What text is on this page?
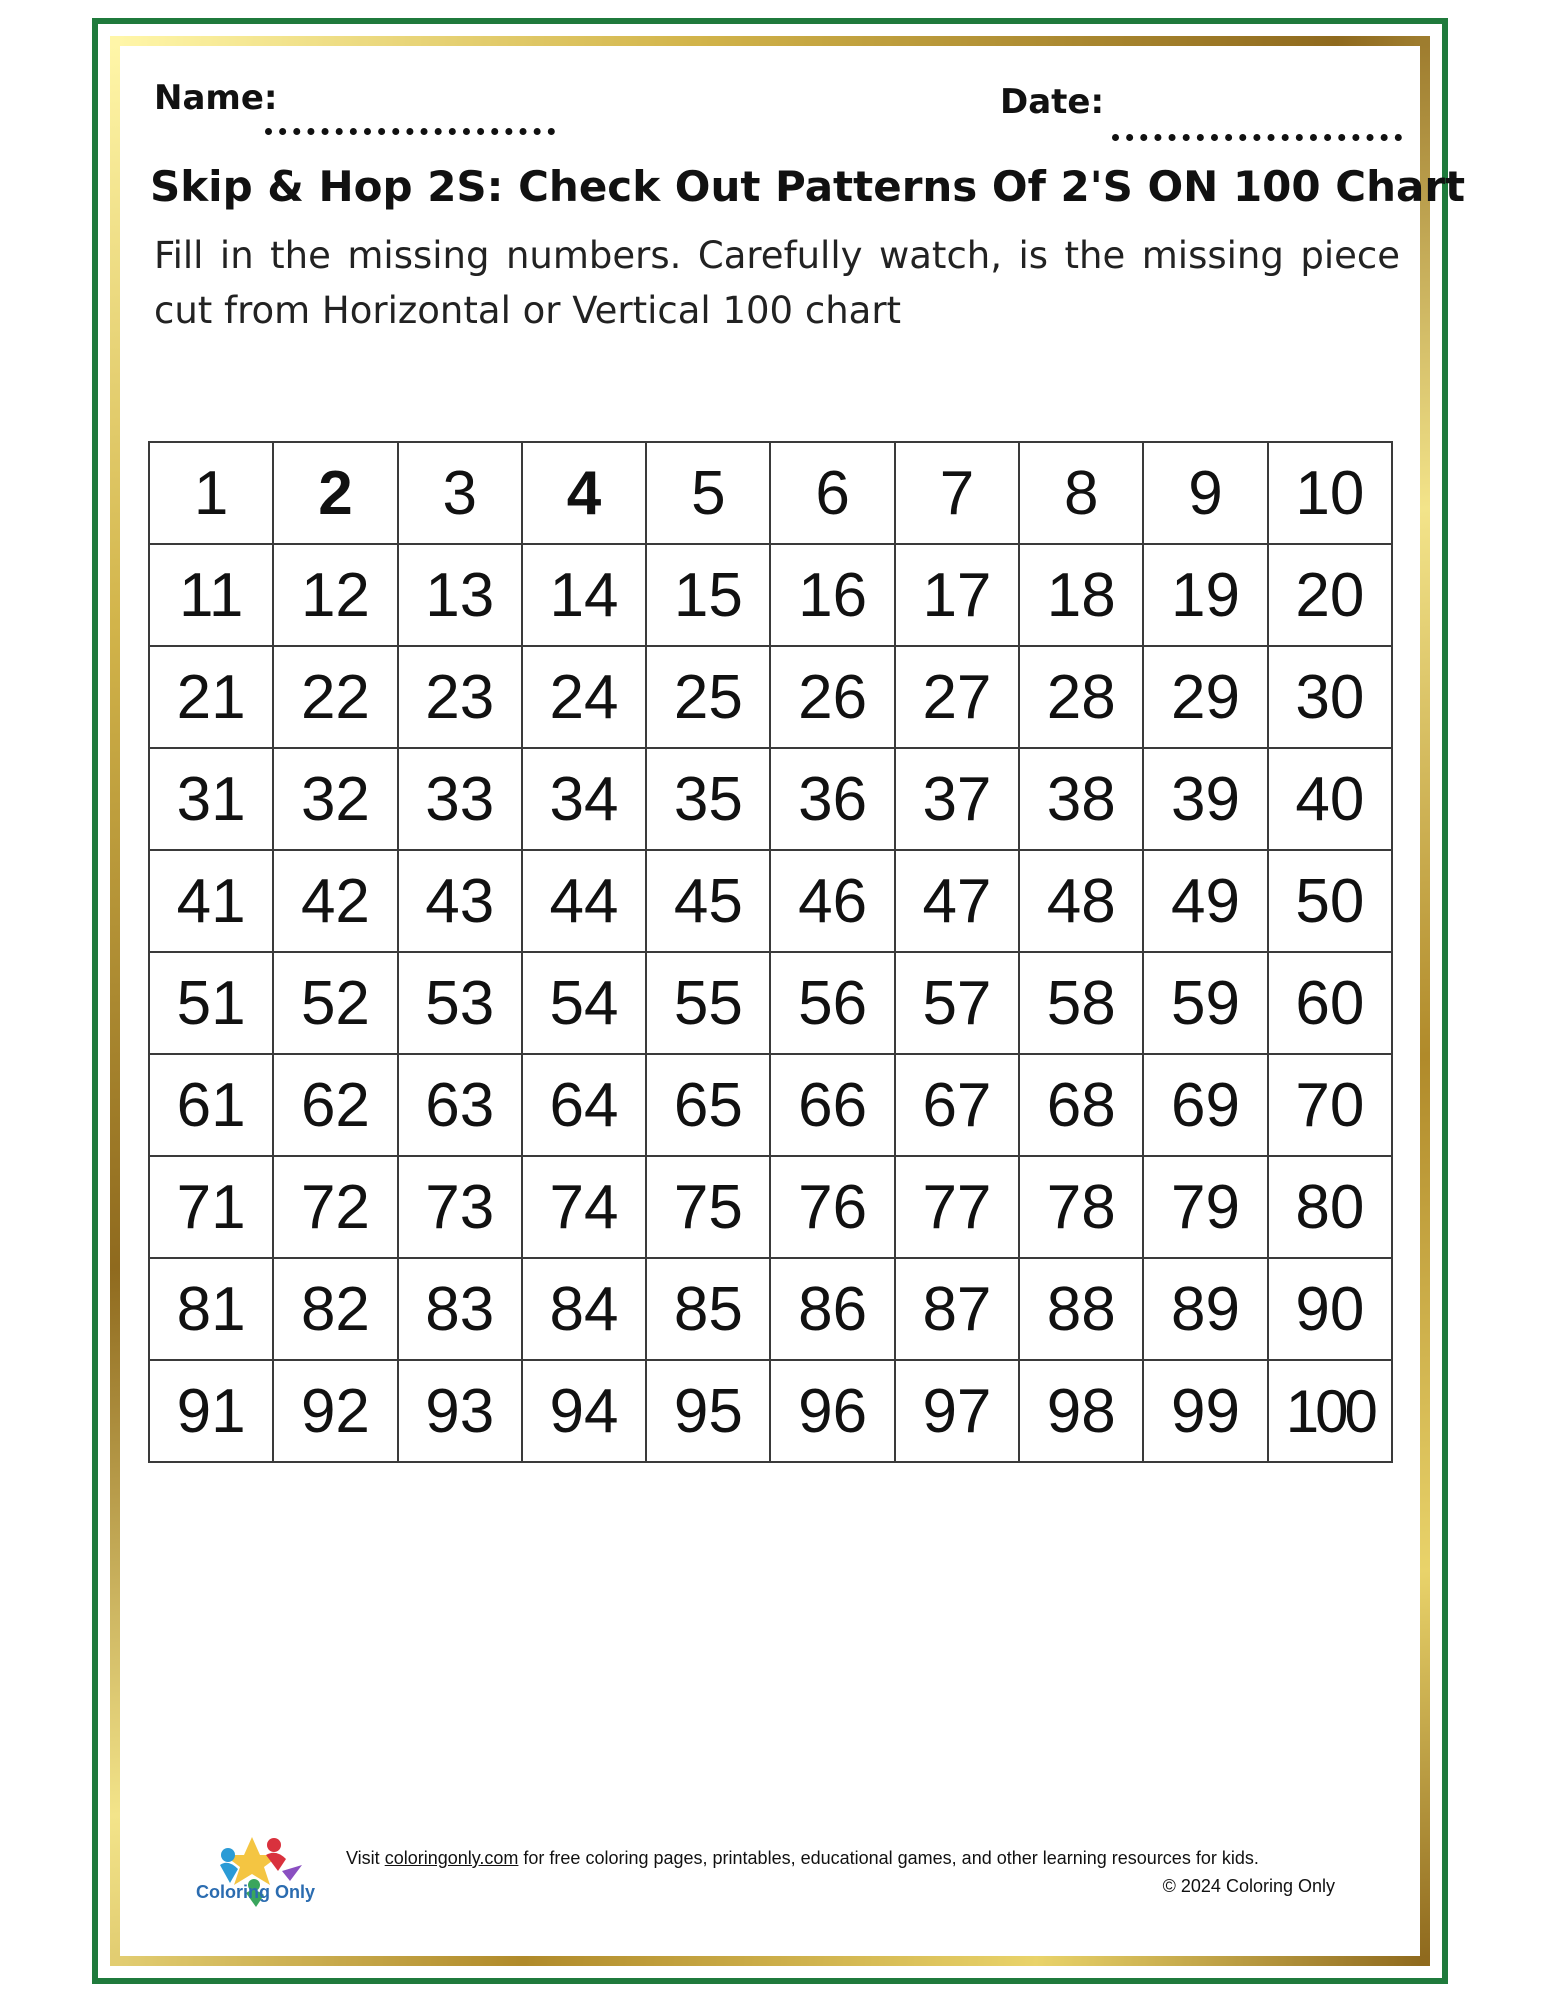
Name:	Date:
Skip & Hop 2S: Check Out Patterns Of 2'S ON 100 Chart
Fill in the missing numbers. Carefully watch, is the missing piece cut from Horizontal or Vertical 100 chart
1	2	3	4	5	6	7	8	9	10
11	12	13	14	15	16	17	18	19	20
21	22	23	24	25	26	27	28	29	30
31	32	33	34	35	36	37	38	39	40
41	42	43	44	45	46	47	48	49	50
51	52	53	54	55	56	57	58	59	60
61	62	63	64	65	66	67	68	69	70
71	72	73	74	75	76	77	78	79	80
81	82	83	84	85	86	87	88	89	90
91	92	93	94	95	96	97	98	99	100
Coloring Only
Visit coloringonly.com for free coloring pages, printables, educational games, and other learning resources for kids.
© 2024 Coloring Only
